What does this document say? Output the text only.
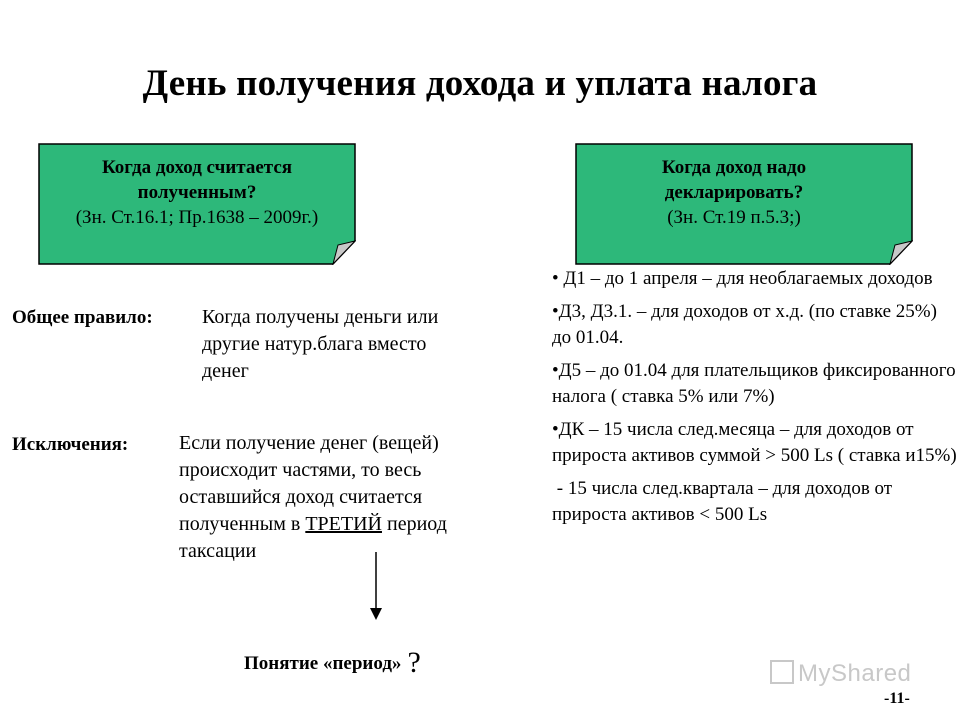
День получения дохода и уплата налога
Когда доход считается
полученным?
(Зн. Ст.16.1; Пр.1638 – 2009г.)
Когда доход надо
декларировать?
(Зн. Ст.19 п.5.3;)
Общее правило: Когда получены деньги или
другие натур.блага вместо
денег
Исключения:	Если получение денег (вещей)
происходит частями, то весь
оставшийся доход считается
полученным в ТРЕТИЙ период
таксации
Понятие «период» ?

• Д1 – до 1 апреля – для необлагаемых доходов

•Д3, Д3.1. – для доходов от х.д. (по ставке 25%) до 01.04.

•Д5 – до 01.04 для плательщиков фиксированного налога ( ставка 5% или 7%)

•ДК – 15 числа след.месяца – для доходов от прироста активов суммой > 500 Ls ( ставка и15%)

- 15 числа след.квартала – для доходов от прироста активов < 500 Ls

MyShared
-11-
